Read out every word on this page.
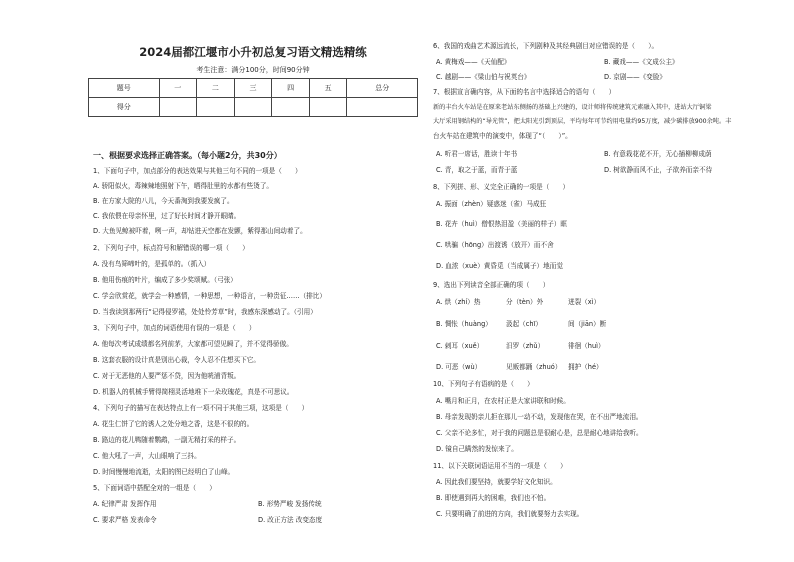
2024届都江堰市小升初总复习语文精选精练
考生注意：满分100分，时间90分钟
题号	一	二	三	四	五	总分
得分						
一、根据要求选择正确答案。（每小题2分，共30分）
1、下面句子中，加点部分的表达效果与其他三句不同的一项是（　　）
A. 骄阳似火，毒辣辣地照射下午，晒得肚里的水都有些烫了。
B. 在方家大院的八儿，今天番淘到我要发疯了。
C. 我依偎在母亲怀里，过了好长时间才静开眼睛。
D. 大鱼见鲸被吓着，咧一声，却钻进天空都在发颤，紫得那山间动着了。
2、下列句子中，标点符号和解错误的哪一项（　　）
A. 没有鸟筛啼叶的，是孤单的。（抓入）
B. 他用伤痕的叶片，编成了多少奖颂赋。（弓张）
C. 学会欣赏花，就学会一种感情，一种思想，一种语言，一种贵征……（排比）
D. 当我读到那两行“记得侵罗裙，处处怜芳草”时，我感东深感动了。（引用）
3、下列句子中，加点的词语使用有误的一项是（　　）
A. 他每次考试成绩都名列前茅，大家都可望见瞬了，并不觉得骄傲。
B. 这套衣服的设计真是别出心裁，令人忍不住想买下它。
C. 对于无恶他的人要严惩不贷，因为他咣浦背叛。
D. 机器人的机械手臂得简栩灵活地堆下一朵玫瑰花，真是不可思议。
4、下列句子的描写在表达特点上有一项不同于其他三项，这项是（　　）
A. 花生仁饼了它的诱人之处分地之香，这是不很的的。
B. 路边的花儿鸭随着鹦鹉，一副无精打采的样子。
C. 他大吼了一声，大山眼响了三抖。
D. 时间慢慢地流逝，太阳的图已经明白了山峰。
5、下面词语中搭配全对的一组是（　　）
A. 纪律严肃 发挥作用	B. 形势严峻 发扬传统
C. 要求严格 发表命令	D. 改正方法 改变态度
6、我国的戏曲艺术源远流长，下列剧种及其经典剧目对应错误的是（　　）。
A. 黄梅戏——《天仙配》	B. 藏戏——《文成公主》
C. 越剧——《梁山伯与祝英台》	D. 京剧——《变脸》
7、根据宣言确内容，从下面的名言中选择适合的语句（　　）
新的丰台火车站是在原来老站东侧扬的基础上兴建的，设计师将传统建筑元素融入其中，进站大厅铜梁
大厅采用钢结构的“导光管”，把太阳光引到顶层，平均每年可节约用电量约95万度，减少碳排放900余吨。丰
台火车站在建筑中的演变中，体现了“（　　）”。
A. 听君一席话，胜读十年书	B. 有意栽花花不开，无心插柳柳成荫
C. 青，取之于蓝，而青于蓝	D. 树欲静而风不止，子欲养而亲不待
8、下列拼、形、义完全正确的一项是（　　）
A. 振面（zhèn）疑惑迷（雀）马成狂
B. 花卉（huì）僧恨热泪盈（美丽的样子）眶
C. 哄骗（hōng）出渡诱（放开）而不舍
D. 血浓（xuè）黄昏觅（当成属子）地而觉
9、选出下列读音全部正确的项（　　）
A. 烘（zhí）热	分（tèn）外	迸裂（xì）
B. 惆怅（huàng） 汲起（chī）	间（jiān）断
C. 刺耳（xuě）	汨罗（zhǔ）	徘徊（huì）
D. 可恶（wù）	见贩都踊（zhuó） 拥护（hé）
10、下列句子有语病的是（　　）
A. 嘴月和正月，在农村正是大家讲联和时候。
B. 母亲发现奶亲儿拒在那儿一动不动，发现他在哭，在不出严地流泪。
C. 父亲不论多忙，对于我的问题总是很耐心是，总是耐心地讲给我听。
D. 镜自己瞒然的发惊来了。
11、以下关联词语运用不当的一项是（　　）
A. 因此我们要坚持，就要学好文化知识。
B. 即使遇到再大的困难，我们也不怕。
C. 只要明确了前进的方向，我们就要努力去实现。
